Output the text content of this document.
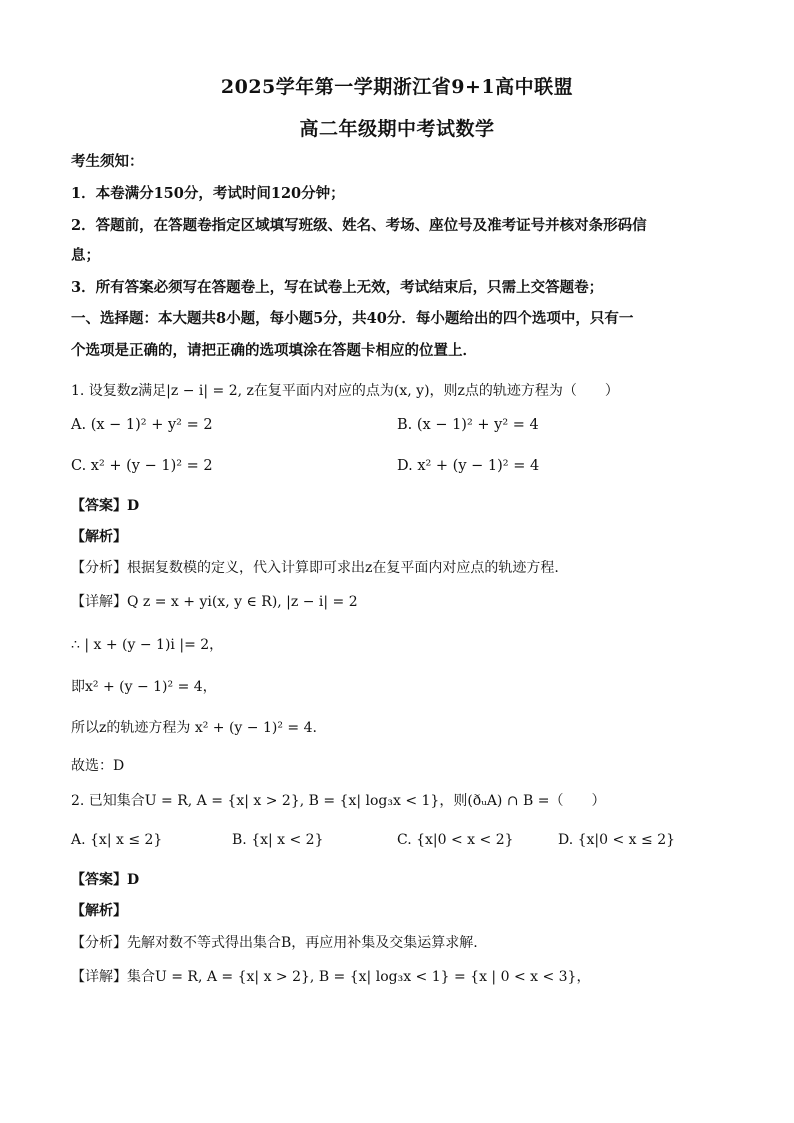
2025学年第一学期浙江省9+1高中联盟
高二年级期中考试数学
考生须知：
1．本卷满分150分，考试时间120分钟；
2．答题前，在答题卷指定区域填写班级、姓名、考场、座位号及准考证号并核对条形码信
息；
3．所有答案必须写在答题卷上，写在试卷上无效，考试结束后，只需上交答题卷；
一、选择题：本大题共8小题，每小题5分，共40分．每小题给出的四个选项中，只有一
个选项是正确的，请把正确的选项填涂在答题卡相应的位置上．
1. 设复数z满足|z − i| = 2, z在复平面内对应的点为(x, y)，则z点的轨迹方程为（　　）
A. (x − 1)² + y² = 2	B. (x − 1)² + y² = 4
C. x² + (y − 1)² = 2	D. x² + (y − 1)² = 4
【答案】D
【解析】
【分析】根据复数模的定义，代入计算即可求出z在复平面内对应点的轨迹方程.
【详解】Q z = x + yi(x, y ∈ R), |z − i| = 2
∴ | x + (y − 1)i |= 2，
即x² + (y − 1)² = 4，
所以z的轨迹方程为 x² + (y − 1)² = 4.
故选：D
2. 已知集合U = R, A = {x| x > 2}, B = {x| log₃x < 1}，则(ðᵤA) ∩ B =（　　）
A. {x| x ≤ 2}	B. {x| x < 2}	C. {x|0 < x < 2}	D. {x|0 < x ≤ 2}
【答案】D
【解析】
【分析】先解对数不等式得出集合B，再应用补集及交集运算求解.
【详解】集合U = R, A = {x| x > 2}, B = {x| log₃x < 1} = {x | 0 < x < 3}，
